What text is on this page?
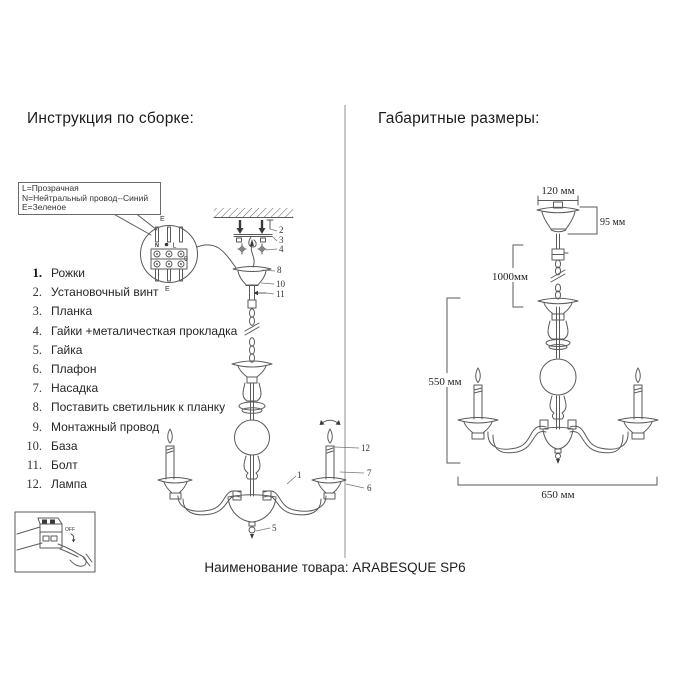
Инструкция по сборке:	Габаритные размеры:
L=Прозрачная
N=Нейтральный провод--Синий
E=Зеленое
1. Рожки
2. Установочный винт
3. Планка
4. Гайки +металичесткая прокладка
5. Гайка
6. Плафон
7. Насадка
8. Поставить светильник к планку
9. Монтажный провод
10. База
11. Болт
12. Лампа
Наименование товара: ARABESQUE SP6
N L
9
E
E
2
3
4
8
10
11
12
7
6
1
5
120 мм
95 мм
1000мм
550 мм
650 мм
OFF
